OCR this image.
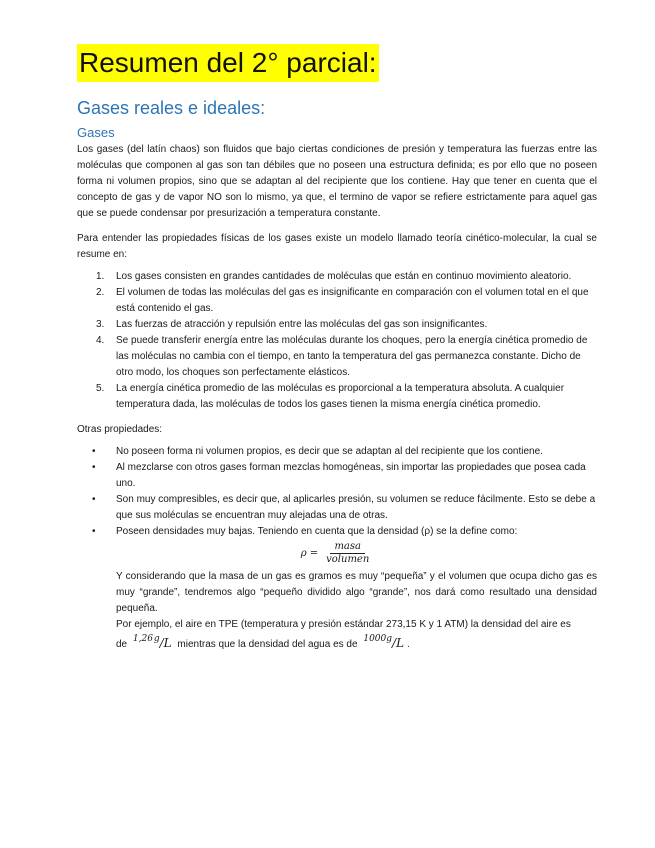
Resumen del 2° parcial:
Gases reales e ideales:
Gases

Los gases (del latín chaos) son fluidos que bajo ciertas condiciones de presión y temperatura las fuerzas entre las moléculas que componen al gas son tan débiles que no poseen una estructura definida; es por ello que no poseen forma ni volumen propios, sino que se adaptan al del recipiente que los contiene. Hay que tener en cuenta que el concepto de gas y de vapor NO son lo mismo, ya que, el termino de vapor se refiere estrictamente para aquel gas que se puede condensar por presurización a temperatura constante.

Para entender las propiedades físicas de los gases existe un modelo llamado teoría cinético-molecular, la cual se resume en:

1. Los gases consisten en grandes cantidades de moléculas que están en continuo movimiento aleatorio.
2. El volumen de todas las moléculas del gas es insignificante en comparación con el volumen total en el que está contenido el gas.
3. Las fuerzas de atracción y repulsión entre las moléculas del gas son insignificantes.
4. Se puede transferir energía entre las moléculas durante los choques, pero la energía cinética promedio de las moléculas no cambia con el tiempo, en tanto la temperatura del gas permanezca constante. Dicho de otro modo, los choques son perfectamente elásticos.
5. La energía cinética promedio de las moléculas es proporcional a la temperatura absoluta. A cualquier temperatura dada, las moléculas de todos los gases tienen la misma energía cinética promedio.

Otras propiedades:

• No poseen forma ni volumen propios, es decir que se adaptan al del recipiente que los contiene.
• Al mezclarse con otros gases forman mezclas homogéneas, sin importar las propiedades que posea cada uno.
• Son muy compresibles, es decir que, al aplicarles presión, su volumen se reduce fácilmente. Esto se debe a que sus moléculas se encuentran muy alejadas una de otras.
• Poseen densidades muy bajas. Teniendo en cuenta que la densidad (ρ) se la define como:
$\rho = \frac{\text{masa}}{\text{volumen}}$

Y considerando que la masa de un gas es gramos es muy “pequeña” y el volumen que ocupa dicho gas es muy “grande”, tendremos algo “pequeño dividido algo “grande”, nos dará como resultado una densidad pequeña.

Por ejemplo, el aire en TPE (temperatura y presión estándar 273,15 K y 1 ATM) la densidad del aire es

de 1,26 g/L mientras que la densidad del agua es de 1000g/L .
